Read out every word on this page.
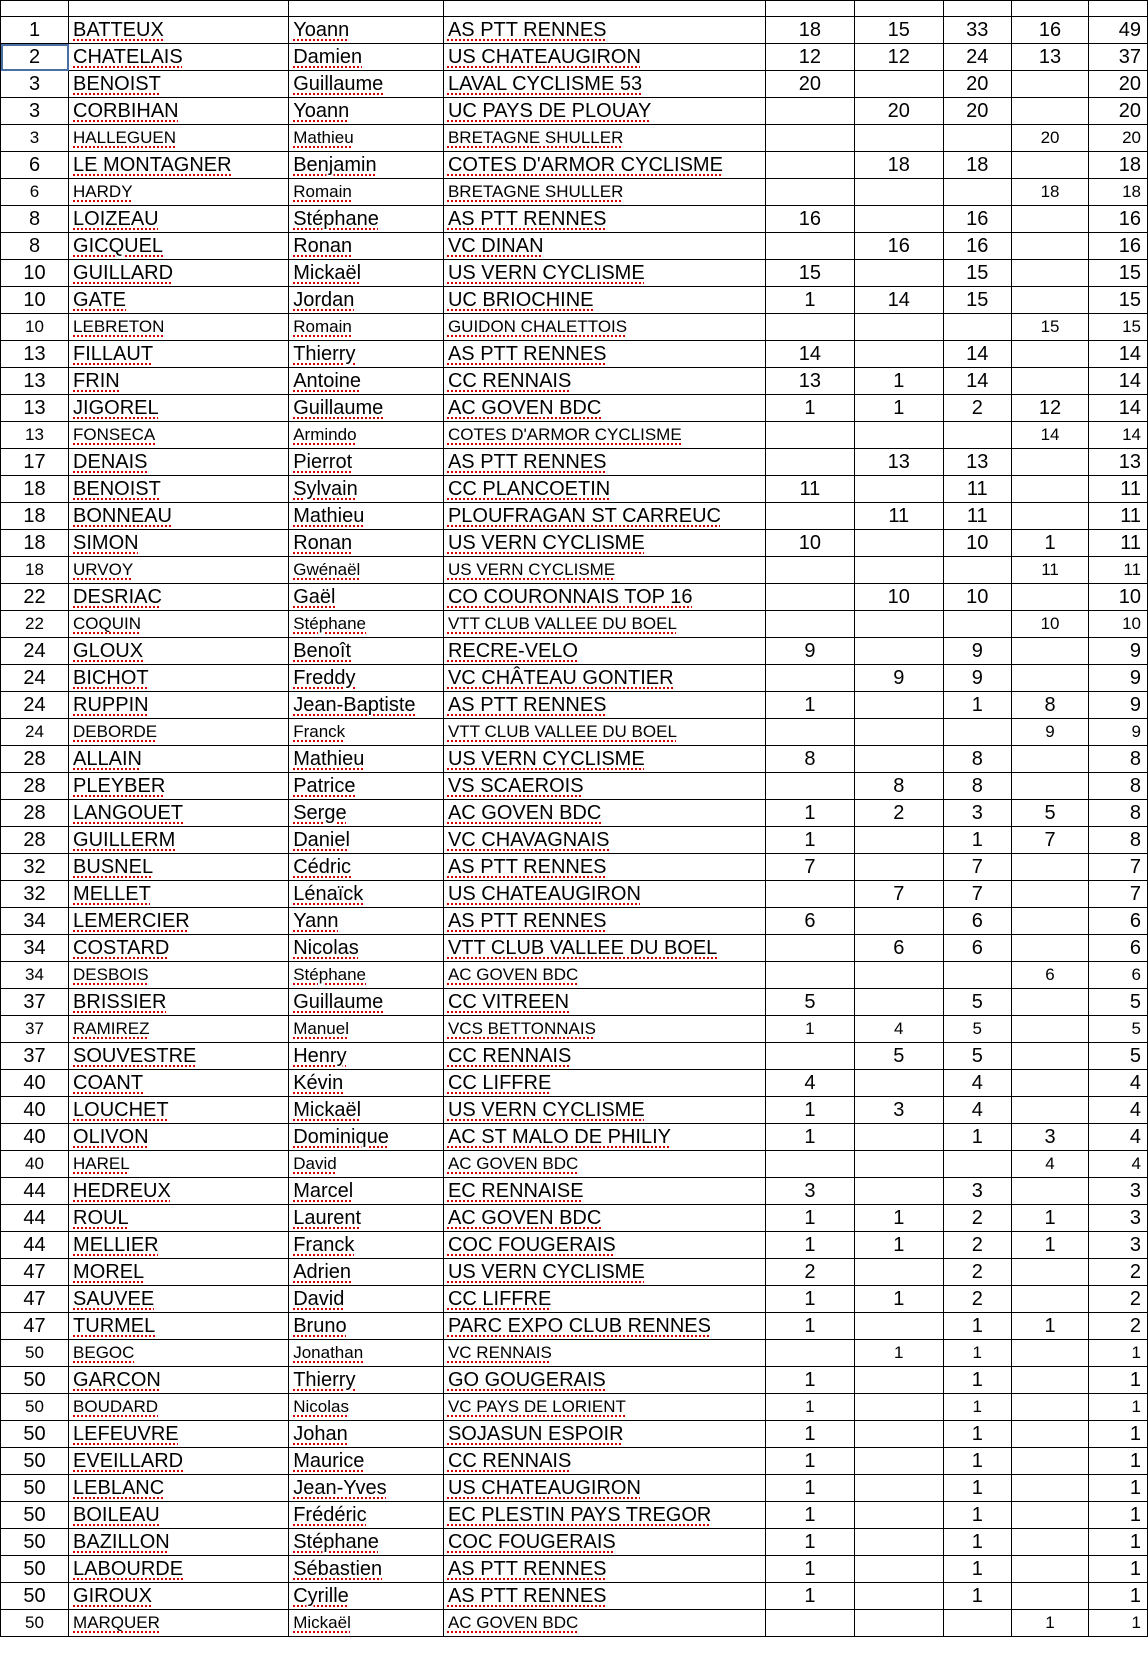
1	BATTEUX	Yoann	AS PTT RENNES	18	15	33	16	49
2	CHATELAIS	Damien	US CHATEAUGIRON	12	12	24	13	37
3	BENOIST	Guillaume	LAVAL CYCLISME 53	20		20		20
3	CORBIHAN	Yoann	UC PAYS DE PLOUAY		20	20		20
3	HALLEGUEN	Mathieu	BRETAGNE SHULLER				20	20
6	LE MONTAGNER	Benjamin	COTES D'ARMOR CYCLISME		18	18		18
6	HARDY	Romain	BRETAGNE SHULLER				18	18
8	LOIZEAU	Stéphane	AS PTT RENNES	16		16		16
8	GICQUEL	Ronan	VC DINAN		16	16		16
10	GUILLARD	Mickaël	US VERN CYCLISME	15		15		15
10	GATE	Jordan	UC BRIOCHINE	1	14	15		15
10	LEBRETON	Romain	GUIDON CHALETTOIS				15	15
13	FILLAUT	Thierry	AS PTT RENNES	14		14		14
13	FRIN	Antoine	CC RENNAIS	13	1	14		14
13	JIGOREL	Guillaume	AC GOVEN BDC	1	1	2	12	14
13	FONSECA	Armindo	COTES D'ARMOR CYCLISME				14	14
17	DENAIS	Pierrot	AS PTT RENNES		13	13		13
18	BENOIST	Sylvain	CC PLANCOETIN	11		11		11
18	BONNEAU	Mathieu	PLOUFRAGAN ST CARREUC		11	11		11
18	SIMON	Ronan	US VERN CYCLISME	10		10	1	11
18	URVOY	Gwénaël	US VERN CYCLISME				11	11
22	DESRIAC	Gaël	CO COURONNAIS TOP 16		10	10		10
22	COQUIN	Stéphane	VTT CLUB VALLEE DU BOEL				10	10
24	GLOUX	Benoît	RECRE-VELO	9		9		9
24	BICHOT	Freddy	VC CHÂTEAU GONTIER		9	9		9
24	RUPPIN	Jean-Baptiste	AS PTT RENNES	1		1	8	9
24	DEBORDE	Franck	VTT CLUB VALLEE DU BOEL				9	9
28	ALLAIN	Mathieu	US VERN CYCLISME	8		8		8
28	PLEYBER	Patrice	VS SCAEROIS		8	8		8
28	LANGOUET	Serge	AC GOVEN BDC	1	2	3	5	8
28	GUILLERM	Daniel	VC CHAVAGNAIS	1		1	7	8
32	BUSNEL	Cédric	AS PTT RENNES	7		7		7
32	MELLET	Lénaïck	US CHATEAUGIRON		7	7		7
34	LEMERCIER	Yann	AS PTT RENNES	6		6		6
34	COSTARD	Nicolas	VTT CLUB VALLEE DU BOEL		6	6		6
34	DESBOIS	Stéphane	AC GOVEN BDC				6	6
37	BRISSIER	Guillaume	CC VITREEN	5		5		5
37	RAMIREZ	Manuel	VCS BETTONNAIS	1	4	5		5
37	SOUVESTRE	Henry	CC RENNAIS		5	5		5
40	COANT	Kévin	CC LIFFRE	4		4		4
40	LOUCHET	Mickaël	US VERN CYCLISME	1	3	4		4
40	OLIVON	Dominique	AC ST MALO DE PHILIY	1		1	3	4
40	HAREL	David	AC GOVEN BDC				4	4
44	HEDREUX	Marcel	EC RENNAISE	3		3		3
44	ROUL	Laurent	AC GOVEN BDC	1	1	2	1	3
44	MELLIER	Franck	COC FOUGERAIS	1	1	2	1	3
47	MOREL	Adrien	US VERN CYCLISME	2		2		2
47	SAUVEE	David	CC LIFFRE	1	1	2		2
47	TURMEL	Bruno	PARC EXPO CLUB RENNES	1		1	1	2
50	BEGOC	Jonathan	VC RENNAIS		1	1		1
50	GARCON	Thierry	GO GOUGERAIS	1		1		1
50	BOUDARD	Nicolas	VC PAYS DE LORIENT	1		1		1
50	LEFEUVRE	Johan	SOJASUN ESPOIR	1		1		1
50	EVEILLARD	Maurice	CC RENNAIS	1		1		1
50	LEBLANC	Jean-Yves	US CHATEAUGIRON	1		1		1
50	BOILEAU	Frédéric	EC PLESTIN PAYS TREGOR	1		1		1
50	BAZILLON	Stéphane	COC FOUGERAIS	1		1		1
50	LABOURDE	Sébastien	AS PTT RENNES	1		1		1
50	GIROUX	Cyrille	AS PTT RENNES	1		1		1
50	MARQUER	Mickaël	AC GOVEN BDC				1	1
